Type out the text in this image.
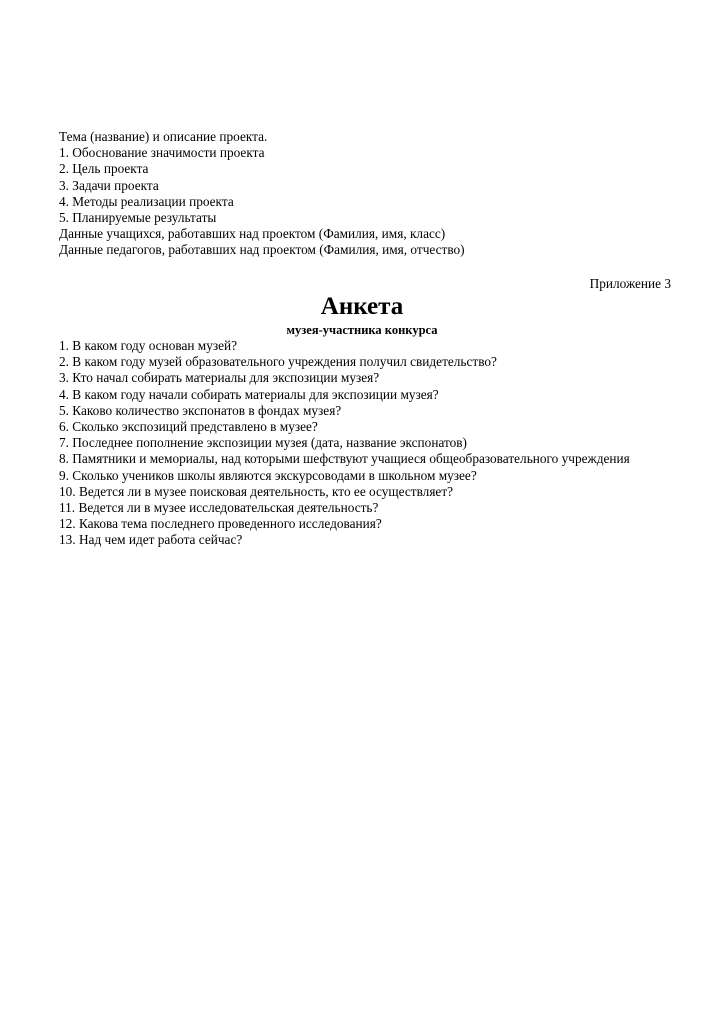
Тема (название) и описание проекта.

1. Обоснование значимости проекта

2. Цель проекта

3. Задачи проекта

4. Методы реализации проекта

5. Планируемые результаты

Данные учащихся, работавших над проектом (Фамилия, имя, класс)

Данные педагогов, работавших над проектом (Фамилия, имя, отчество)

Приложение 3
Анкета
музея-участника конкурса

1. В каком году основан музей?

2. В каком году музей образовательного учреждения получил свидетельство?

3. Кто начал собирать материалы для экспозиции музея?

4. В каком году начали собирать материалы для экспозиции музея?

5. Каково количество экспонатов в фондах музея?

6. Сколько экспозиций представлено в музее?

7. Последнее пополнение экспозиции музея (дата, название экспонатов)

8. Памятники и мемориалы, над которыми шефствуют учащиеся общеобразовательного учреждения

9. Сколько учеников школы являются экскурсоводами в школьном музее?

10. Ведется ли в музее поисковая деятельность, кто ее осуществляет?

11. Ведется ли в музее исследовательская деятельность?

12. Какова тема последнего проведенного исследования?

13. Над чем идет работа сейчас?
